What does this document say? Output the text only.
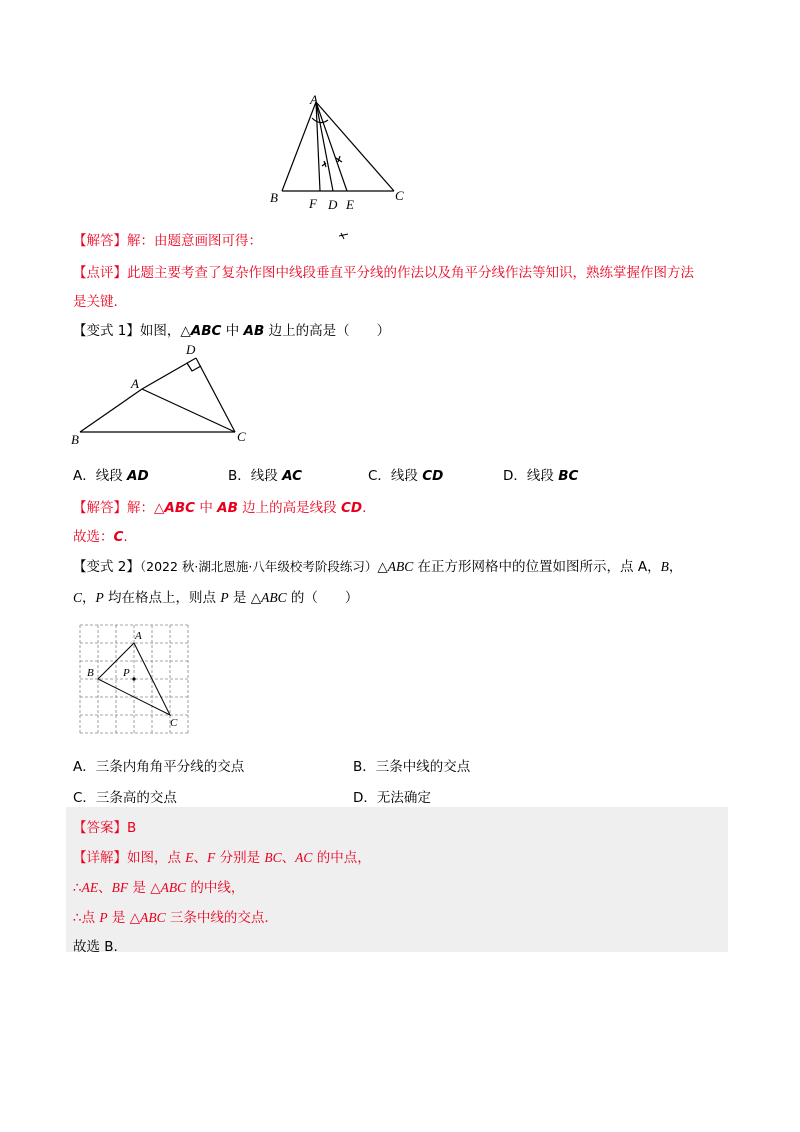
A
B	C
F D E
【解答】解：由题意画图可得：
【点评】此题主要考查了复杂作图中线段垂直平分线的作法以及角平分线作法等知识，熟练掌握作图方法
是关键.
【变式 1】如图，△ABC 中 AB 边上的高是（　　）
D
A
B	C
A．线段 AD	B．线段 AC	C．线段 CD	D．线段 BC
【解答】解：△ABC 中 AB 边上的高是线段 CD.
故选：C.
【变式 2】（2022 秋·湖北恩施·八年级校考阶段练习）△ABC 在正方形网格中的位置如图所示，点 A，B，
C，P 均在格点上，则点 P 是 △ABC 的（　　）
A
B
C
P
A．三条内角角平分线的交点	B．三条中线的交点
C．三条高的交点	D．无法确定
【答案】B
【详解】如图，点 E、F 分别是 BC、AC 的中点，
∴AE、BF 是 △ABC 的中线，
∴点 P 是 △ABC 三条中线的交点.
故选 B.
